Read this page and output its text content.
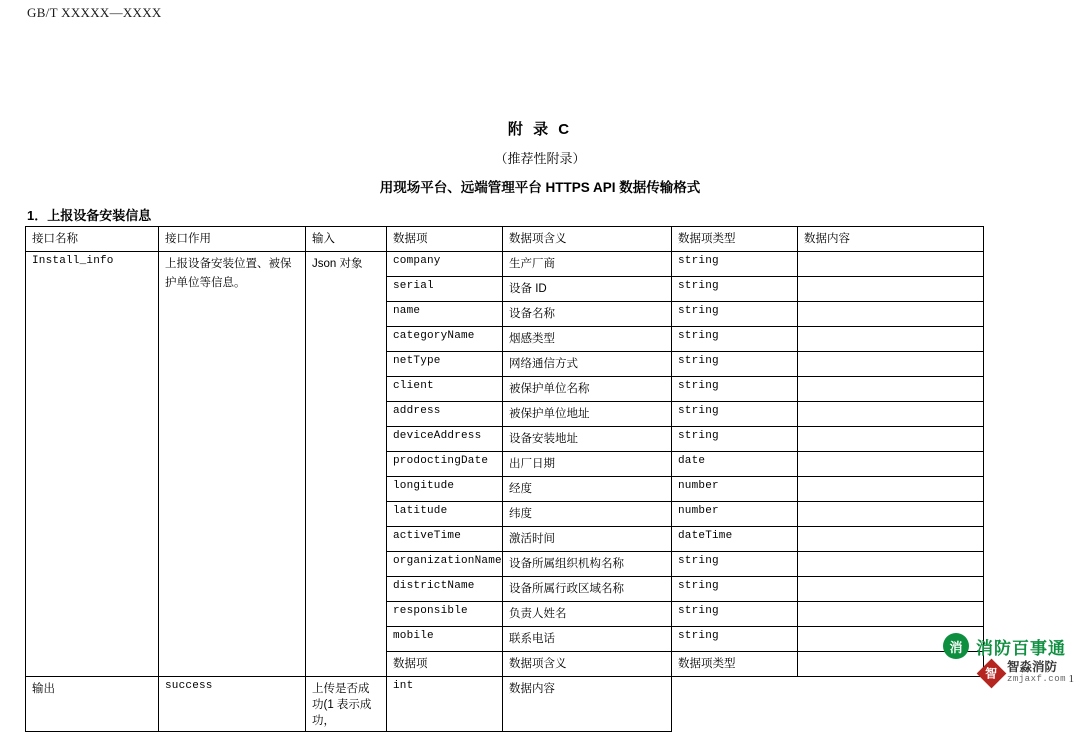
GB/T XXXXX—XXXX
附 录 C
（推荐性附录）
用现场平台、远端管理平台 HTTPS API 数据传输格式
1．上报设备安装信息
接口名称	接口作用	输入	数据项	数据项含义	数据项类型	数据内容
Install_info	上报设备安装位置、被保护单位等信息。	Json 对象	company	生产厂商	string	
			serial	设备 ID	string	
			name	设备名称	string	
			categoryName	烟感类型	string	
			netType	网络通信方式	string	
			client	被保护单位名称	string	
			address	被保护单位地址	string	
			deviceAddress	设备安装地址	string	
			prodoctingDate	出厂日期	date	
			longitude	经度	number	
			latitude	纬度	number	
			activeTime	激活时间	dateTime	
			organizationName	设备所属组织机构名称	string	
			districtName	设备所属行政区域名称	string	
			responsible	负责人姓名	string	
			mobile	联系电话	string	
			数据项	数据项含义	数据项类型	
输出	success	上传是否成功(1 表示成功，	int	数据内容		
消 消防百事通
智 智淼消防
zmjaxf.com 1
